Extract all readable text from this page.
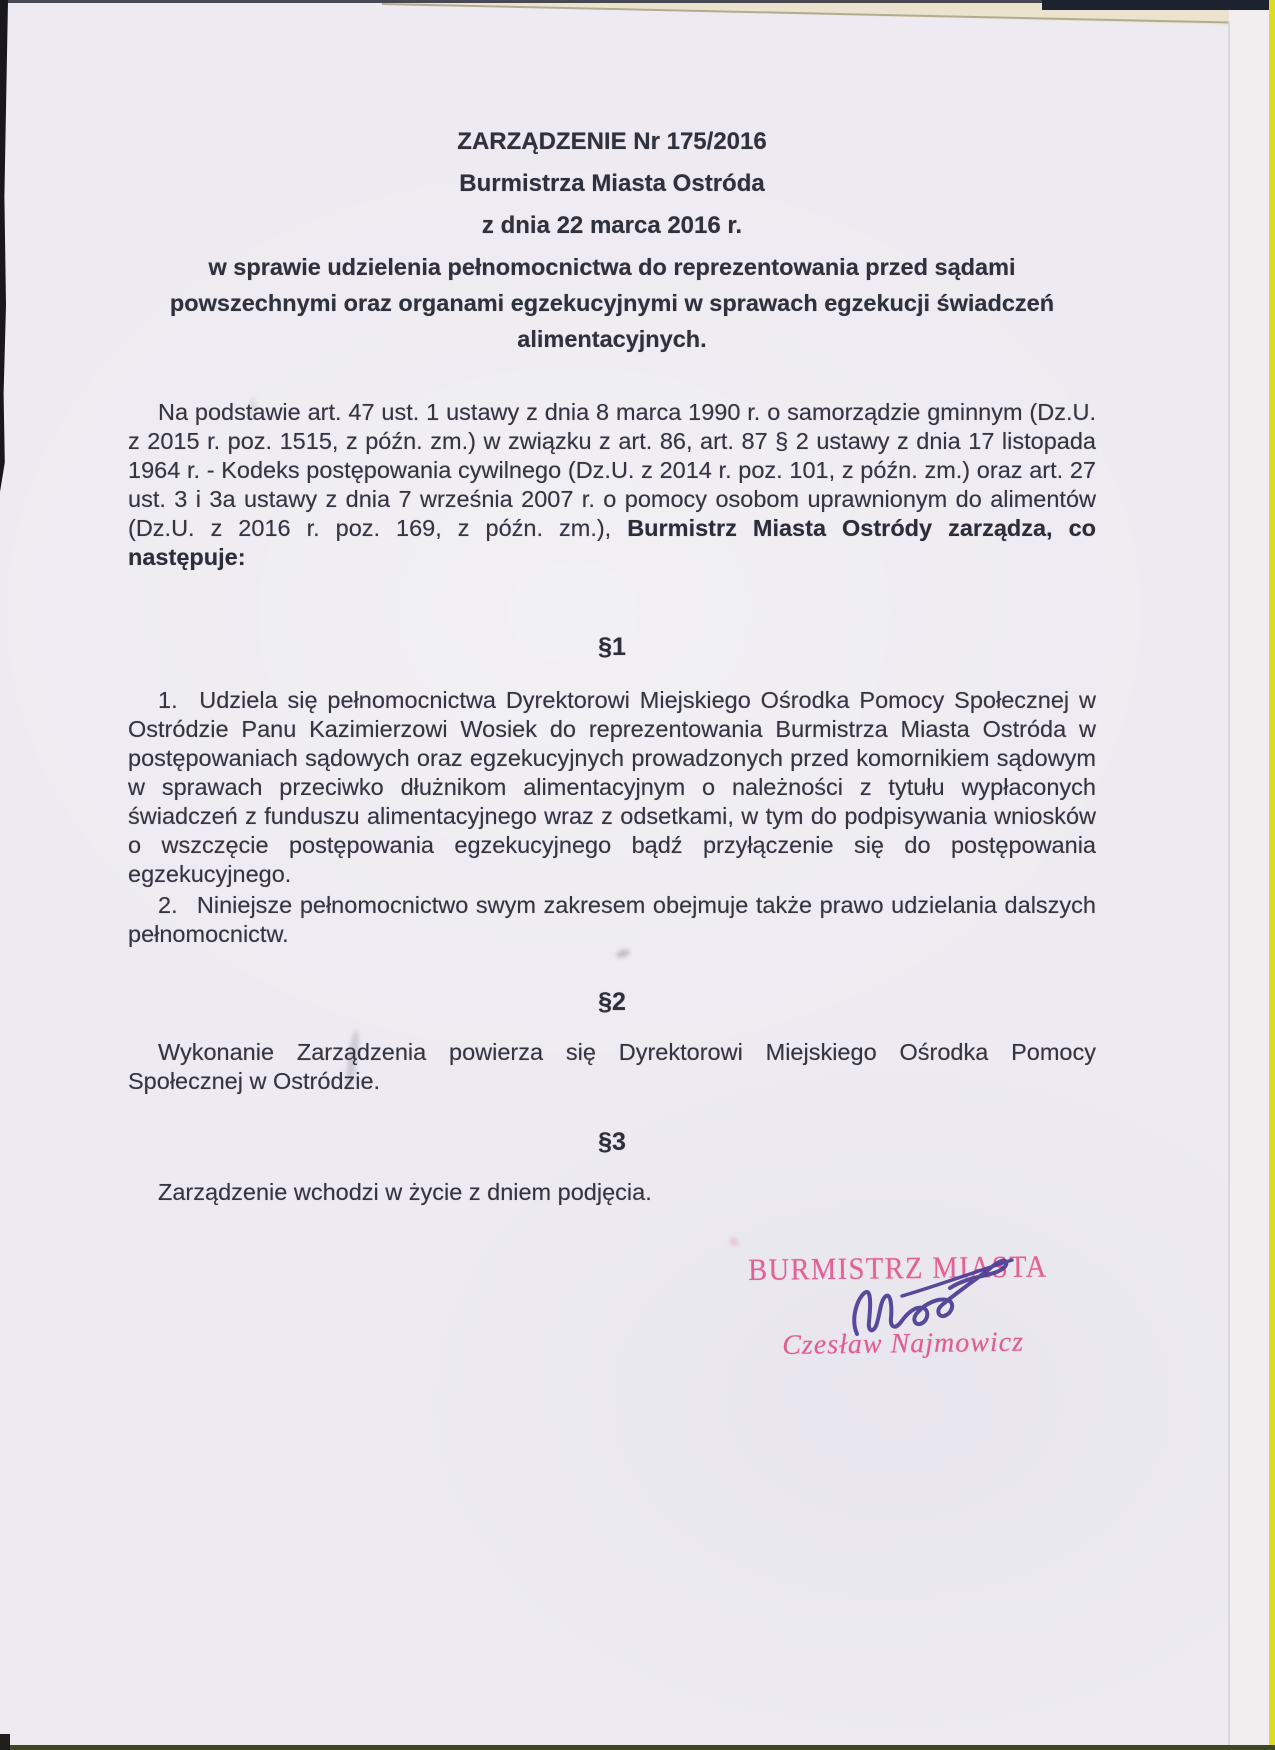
ZARZĄDZENIE Nr 175/2016
Burmistrza Miasta Ostróda
z dnia 22 marca 2016 r.
w sprawie udzielenia pełnomocnictwa do reprezentowania przed sądami
powszechnymi oraz organami egzekucyjnymi w sprawach egzekucji świadczeń
alimentacyjnych.

Na podstawie art. 47 ust. 1 ustawy z dnia 8 marca 1990 r. o samorządzie gminnym (Dz.U. z 2015 r. poz. 1515, z późn. zm.) w związku z art. 86, art. 87 § 2 ustawy z dnia 17 listopada 1964 r. - Kodeks postępowania cywilnego (Dz.U. z 2014 r. poz. 101, z późn. zm.) oraz art. 27 ust. 3 i 3a ustawy z dnia 7 września 2007 r. o pomocy osobom uprawnionym do alimentów (Dz.U. z 2016 r. poz. 169, z późn. zm.), Burmistrz Miasta Ostródy zarządza, co następuje:

§1

1.  Udziela się pełnomocnictwa Dyrektorowi Miejskiego Ośrodka Pomocy Społecznej w Ostródzie Panu Kazimierzowi Wosiek do reprezentowania Burmistrza Miasta Ostróda w postępowaniach sądowych oraz egzekucyjnych prowadzonych przed komornikiem sądowym w sprawach przeciwko dłużnikom alimentacyjnym o należności z tytułu wypłaconych świadczeń z funduszu alimentacyjnego wraz z odsetkami, w tym do podpisywania wniosków o wszczęcie postępowania egzekucyjnego bądź przyłączenie się do postępowania egzekucyjnego.

2.  Niniejsze pełnomocnictwo swym zakresem obejmuje także prawo udzielania dalszych pełnomocnictw.

§2

Wykonanie Zarządzenia powierza się Dyrektorowi Miejskiego Ośrodka Pomocy Społecznej w Ostródzie.

§3

Zarządzenie wchodzi w życie z dniem podjęcia.

BURMISTRZ MIASTA
Czesław Najmowicz
